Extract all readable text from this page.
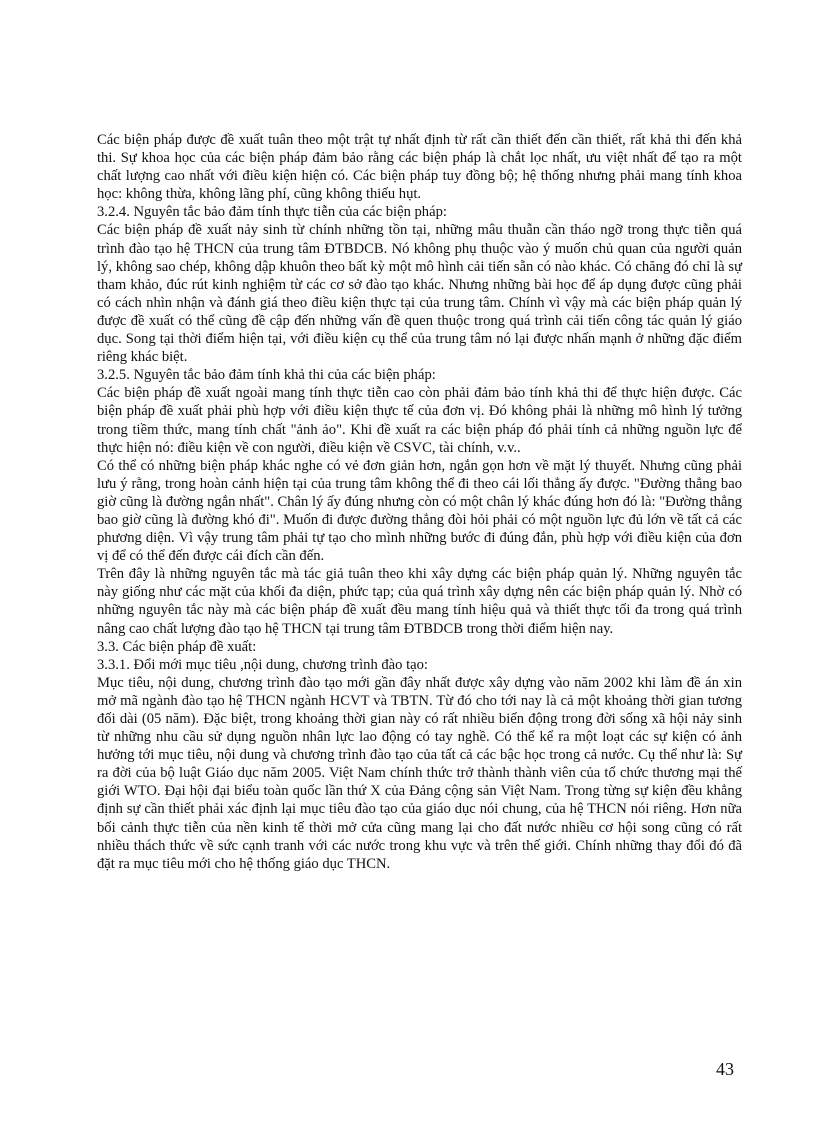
Các biện pháp được đề xuất tuân theo một trật tự nhất định từ rất cần thiết đến cần thiết, rất khả thi đến khả thi. Sự khoa học của các biện pháp đảm bảo rằng các biện pháp là chắt lọc nhất, ưu việt nhất để tạo ra một chất lượng cao nhất với điều kiện hiện có. Các biện pháp tuy đồng bộ; hệ thống nhưng phải mang tính khoa học: không thừa, không lãng phí, cũng không thiếu hụt.

3.2.4. Nguyên tắc bảo đảm tính thực tiễn của các biện pháp:

Các biện pháp đề xuất nảy sinh từ chính những tồn tại, những mâu thuẫn cần tháo ngỡ trong thực tiễn quá trình đào tạo hệ THCN của trung tâm ĐTBDCB. Nó không phụ thuộc vào ý muốn chủ quan của người quản lý, không sao chép, không dập khuôn theo bất kỳ một mô hình cải tiến sẵn có nào khác. Có chăng đó chỉ là sự tham khảo, đúc rút kinh nghiệm từ các cơ sở đào tạo khác. Nhưng những bài học để áp dụng được cũng phải có cách nhìn nhận và đánh giá theo điều kiện thực tại của trung tâm. Chính vì vậy mà các biện pháp quản lý được đề xuất có thể cũng đề cập đến những vấn đề quen thuộc trong quá trình cải tiến công tác quản lý giáo dục. Song tại thời điểm hiện tại, với điều kiện cụ thể của trung tâm nó lại được nhấn mạnh ở những đặc điểm riêng khác biệt.

3.2.5. Nguyên tắc bảo đảm tính khả thi của các biện pháp:

Các biện pháp đề xuất ngoài mang tính thực tiễn cao còn phải đảm bảo tính khả thi để thực hiện được. Các biện pháp đề xuất phải phù hợp với điều kiện thực tế của đơn vị. Đó không phải là những mô hình lý tưởng trong tiềm thức, mang tính chất "ảnh ảo". Khi đề xuất ra các biện pháp đó phải tính cả những nguồn lực để thực hiện nó: điều kiện về con người, điều kiện về CSVC, tài chính, v.v..

Có thể có những biện pháp khác nghe có vẻ đơn giản hơn, ngắn gọn hơn về mặt lý thuyết. Nhưng cũng phải lưu ý rằng, trong hoàn cảnh hiện tại của trung tâm không thể đi theo cái lối thẳng ấy được. "Đường thẳng bao giờ cũng là đường ngắn nhất". Chân lý ấy đúng nhưng còn có một chân lý khác đúng hơn đó là: "Đường thẳng bao giờ cũng là đường khó đi". Muốn đi được đường thẳng đòi hỏi phải có một nguồn lực đủ lớn về tất cả các phương diện. Vì vậy trung tâm phải tự tạo cho mình những bước đi đúng đắn, phù hợp với điều kiện của đơn vị để có thể đến được cái đích cần đến.

Trên đây là những nguyên tắc mà tác giả tuân theo khi xây dựng các biện pháp quản lý. Những nguyên tắc này giống như các mặt của khối đa diện, phức tạp; của quá trình xây dựng nên các biện pháp quản lý. Nhờ có những nguyên tắc này mà các biện pháp đề xuất đều mang tính hiệu quả và thiết thực tối đa trong quá trình nâng cao chất lượng đào tạo hệ THCN tại trung tâm ĐTBDCB trong thời điểm hiện nay.

3.3. Các biện pháp đề xuất:

3.3.1. Đổi mới mục tiêu ,nội dung, chương trình đào tạo:

Mục tiêu, nội dung, chương trình đào tạo mới gần đây nhất được xây dựng vào năm 2002 khi làm đề án xin mở mã ngành đào tạo hệ THCN ngành HCVT và TBTN. Từ đó cho tới nay là cả một khoảng thời gian tương đối dài (05 năm). Đặc biệt, trong khoảng thời gian này có rất nhiều biến động trong đời sống xã hội nảy sinh từ những nhu cầu sử dụng nguồn nhân lực lao động có tay nghề. Có thể kể ra một loạt các sự kiện có ảnh hưởng tới mục tiêu, nội dung và chương trình đào tạo của tất cả các bậc học trong cả nước. Cụ thể như là: Sự ra đời của bộ luật Giáo dục năm 2005. Việt Nam chính thức trở thành thành viên của tổ chức thương mại thế giới WTO. Đại hội đại biểu toàn quốc lần thứ X của Đảng cộng sản Việt Nam. Trong từng sự kiện đều khẳng định sự cần thiết phải xác định lại mục tiêu đào tạo của giáo dục nói chung, của hệ THCN nói riêng. Hơn nữa bối cảnh thực tiễn của nền kinh tế thời mở cửa cũng mang lại cho đất nước nhiều cơ hội song cũng có rất nhiều thách thức về sức cạnh tranh với các nước trong khu vực và trên thế giới. Chính những thay đổi đó đã đặt ra mục tiêu mới cho hệ thống giáo dục THCN.

43
